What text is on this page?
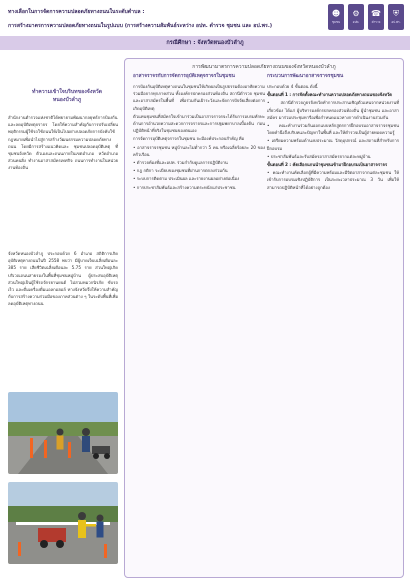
ทางเลือกในการจัดการความปลอดภัยทางถนนในระดับตำบล :
การสร้างมาตรการความปลอดภัยทางถนนในรูปแบบ (การสร้างความสัมพันธ์ระหว่าง อปท. ตำรวจ ชุมชน และ อป.พร.)
☻
ชุมชน
⚙
อปท.
☎
ตำรวจ
⛨
อป.พร.
กรณีศึกษา : จังหวัดหนองบัวลำภู
ทำความเข้าใจบริบทของจังหวัดหนองบัวลำภู
สำนักงานตำรวจแห่งชาติได้พยายามพัฒนากลยุทธ์การป้องกันและลดอุบัติเหตุจราจร โดยให้ความสำคัญกับการปรับเปลี่ยนพฤติกรรมผู้ใช้รถใช้ถนนให้เป็นไปอย่างปลอดภัยการบังคับใช้กฎหมายเพื่อนำไปสู่การสร้างวัฒนธรรมความปลอดภัยทางถนน โดยมีการสร้างแนวคิดและ ชุมชนปลอดอุบัติเหตุ ที่ชุมชนจังหวัด ตัวเองและถนนภายในเขตอำเภอ หวัดอำเภอ ส่วนคนยิ่ง ทำงานอาสาสมัครเทศกิจ ถนนการทำงานในหน่วยงานท้องถิ่น
จังหวัดหนองบัวลำภู ประกอบด้วย 6 อำเภอ สถิติการเกิดอุบัติเหตุทางถนนในปี 2558 พบว่า มีผู้บาดเจ็บเฉลี่ยเดือนละ 385 ราย เสียชีวิตเฉลี่ยเดือนละ 5.75 ราย ส่วนใหญ่เกิดบริเวณถนนสายรองในพื้นที่ชุมชนหมู่บ้าน ผู้ประสบอุบัติเหตุส่วนใหญ่เป็นผู้ใช้รถจักรยานยนต์ ไม่สวมหมวกนิรภัย ขับรถเร็ว และดื่มเครื่องดื่มแอลกอฮอล์ ทางจังหวัดจึงให้ความสำคัญกับการสร้างความร่วมมือของภาคส่วนต่าง ๆ ในระดับพื้นที่เพื่อลดอุบัติเหตุทางถนน
การพัฒนามาตรการความปลอดภัยทางถนนของจังหวัดหนองบัวลำภู
อาสาจราจรกับการจัดการอุบัติเหตุจราจรในชุมชน
การป้องกันอุบัติเหตุทางถนนในชุมชนให้เกิดผลเป็นรูปธรรมต้องอาศัยความร่วมมือจากทุกภาคส่วน ทั้งองค์กรปกครองส่วนท้องถิ่น สถานีตำรวจ ชุมชน และอาสาสมัครในพื้นที่ เพื่อร่วมกันเฝ้าระวังและจัดการปัจจัยเสี่ยงต่อการเกิดอุบัติเหตุ
ตัวแทนชุมชนที่สมัครใจเข้ามาร่วมเป็นอาสาจราจรจะได้รับการอบรมทักษะด้านการอำนวยความสะดวกการจราจรและการปฐมพยาบาลเบื้องต้น ก่อนปฏิบัติหน้าที่จริงในชุมชนของตนเอง
การจัดการอุบัติเหตุจราจรในชุมชน จะมีองค์ประกอบสำคัญ คือ
• อาสาจราจรชุมชน หมู่บ้านละไม่ต่ำกว่า 5 คน หรือเฉลี่ยร้อยละ 20 ของครัวเรือน
• ตำรวจท้องที่และอปท. ร่วมกำกับดูแลการปฏิบัติงาน
• กฎ กติกา ระเบียบของชุมชนที่ผ่านการตกลงร่วมกัน
• ระบบการติดตาม ประเมินผล และรายงานผลอย่างต่อเนื่อง
• การประชาสัมพันธ์และสร้างความตระหนักแก่ประชาชน
กระบวนการพัฒนาอาสาจราจรชุมชน
ประกอบด้วย 4 ขั้นตอน ดังนี้
ขั้นตอนที่ 1 : การจัดตั้งคณะทำงานความปลอดภัยทางถนนของจังหวัด
• สถานีตำรวจภูธรจังหวัดทำการประสานเชิญตัวแทนจากหน่วยงานที่เกี่ยวข้อง ได้แก่ ผู้บริหารองค์กรปกครองส่วนท้องถิ่น ผู้นำชุมชน และอาสาสมัคร มาร่วมประชุมหารือเพื่อกำหนดแนวทางการดำเนินงานร่วมกัน
• คณะทำงานร่วมกันออกแบบหลักสูตรการฝึกอบรมอาสาจราจรชุมชน โดยคำนึงถึงบริบทและปัญหาในพื้นที่ และให้ตำรวจเป็นผู้ถ่ายทอดความรู้
• เตรียมความพร้อมด้านงบประมาณ วัสดุอุปกรณ์ และสถานที่สำหรับการฝึกอบรม
• ประชาสัมพันธ์และรับสมัครอาสาสมัครจากแต่ละหมู่บ้าน
ขั้นตอนที่ 2 : คัดเลือกแกนนำชุมชนเข้ามาฝึกอบรมเป็นอาสาจราจร
• คณะทำงานคัดเลือกผู้ที่มีความพร้อมและมีจิตอาสาจากแต่ละชุมชน ให้เข้ารับการอบรมเชิงปฏิบัติการ เป็นระยะเวลาประมาณ 3 วัน เพื่อให้สามารถปฏิบัติหน้าที่ได้อย่างถูกต้อง
